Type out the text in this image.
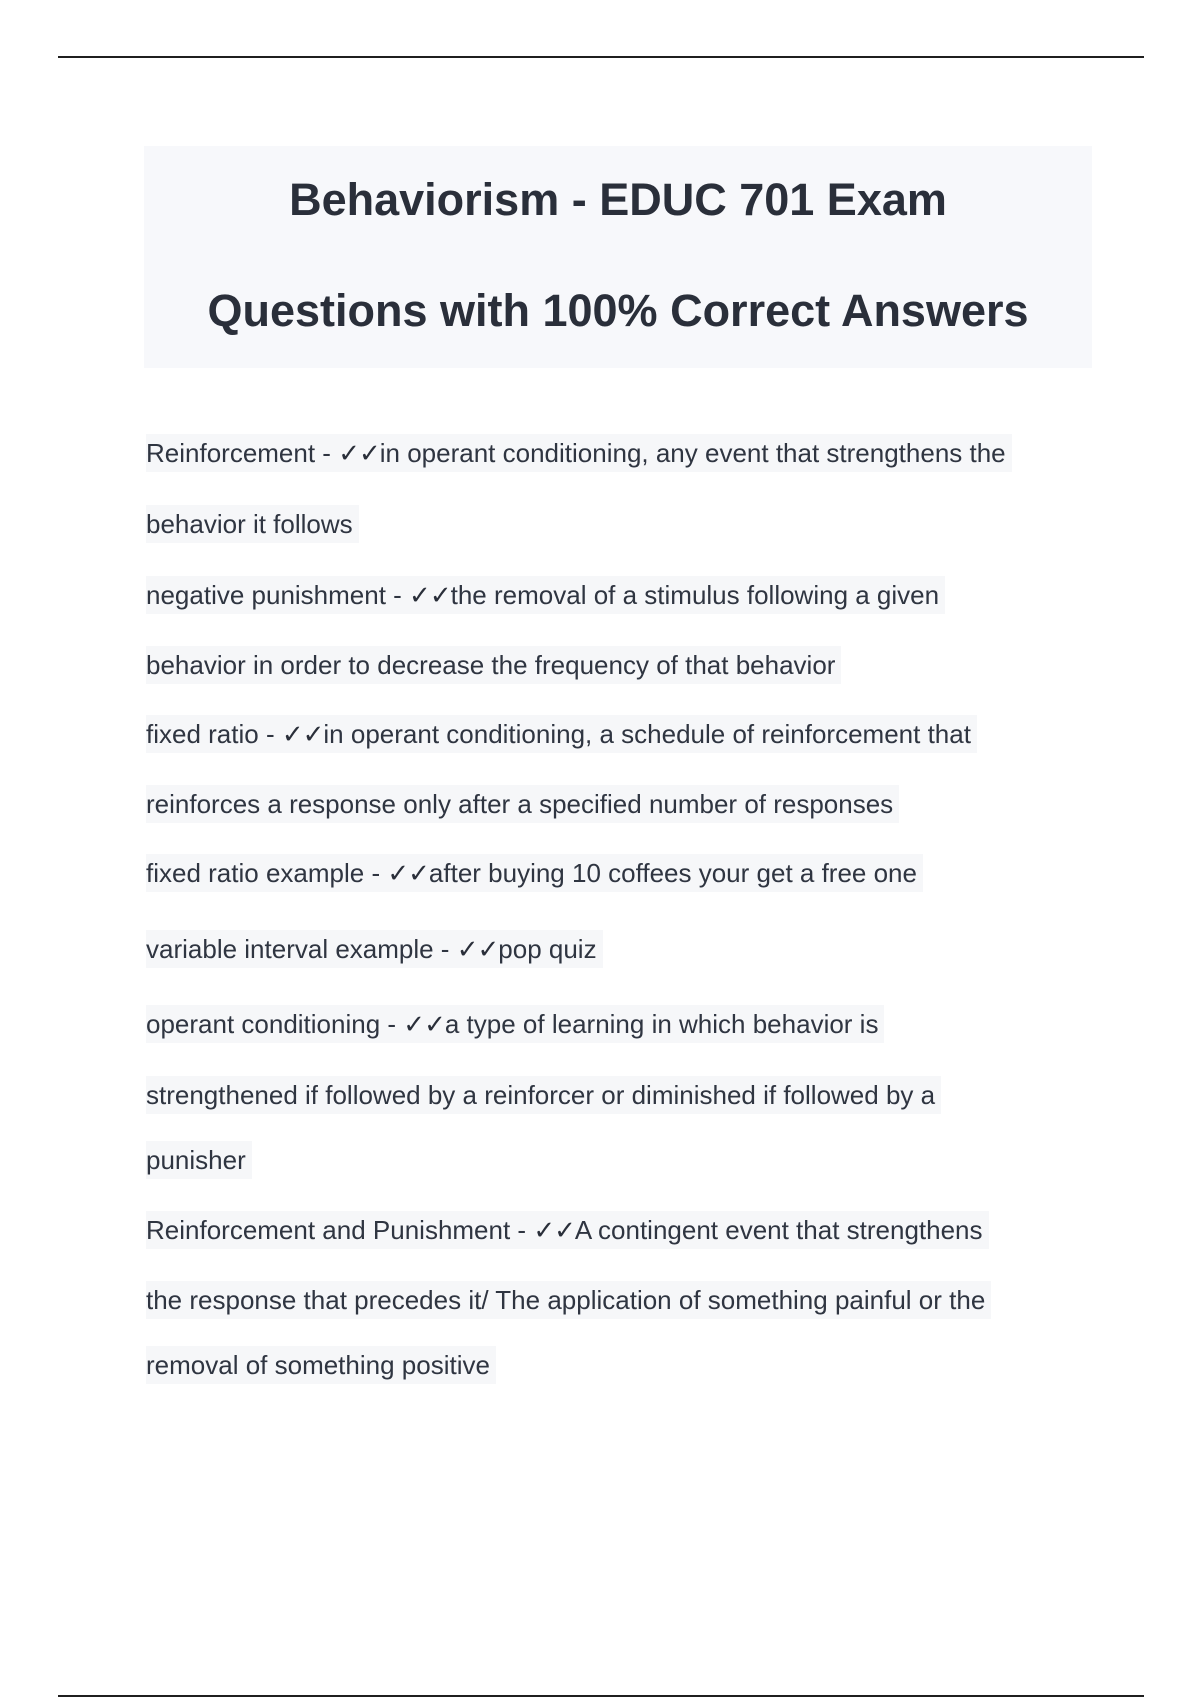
Behaviorism - EDUC 701 Exam
Questions with 100% Correct Answers
Reinforcement - ✓✓in operant conditioning, any event that strengthens the
behavior it follows
negative punishment - ✓✓the removal of a stimulus following a given
behavior in order to decrease the frequency of that behavior
fixed ratio - ✓✓in operant conditioning, a schedule of reinforcement that
reinforces a response only after a specified number of responses
fixed ratio example - ✓✓after buying 10 coffees your get a free one
variable interval example - ✓✓pop quiz
operant conditioning - ✓✓a type of learning in which behavior is
strengthened if followed by a reinforcer or diminished if followed by a
punisher
Reinforcement and Punishment - ✓✓A contingent event that strengthens
the response that precedes it/ The application of something painful or the
removal of something positive
